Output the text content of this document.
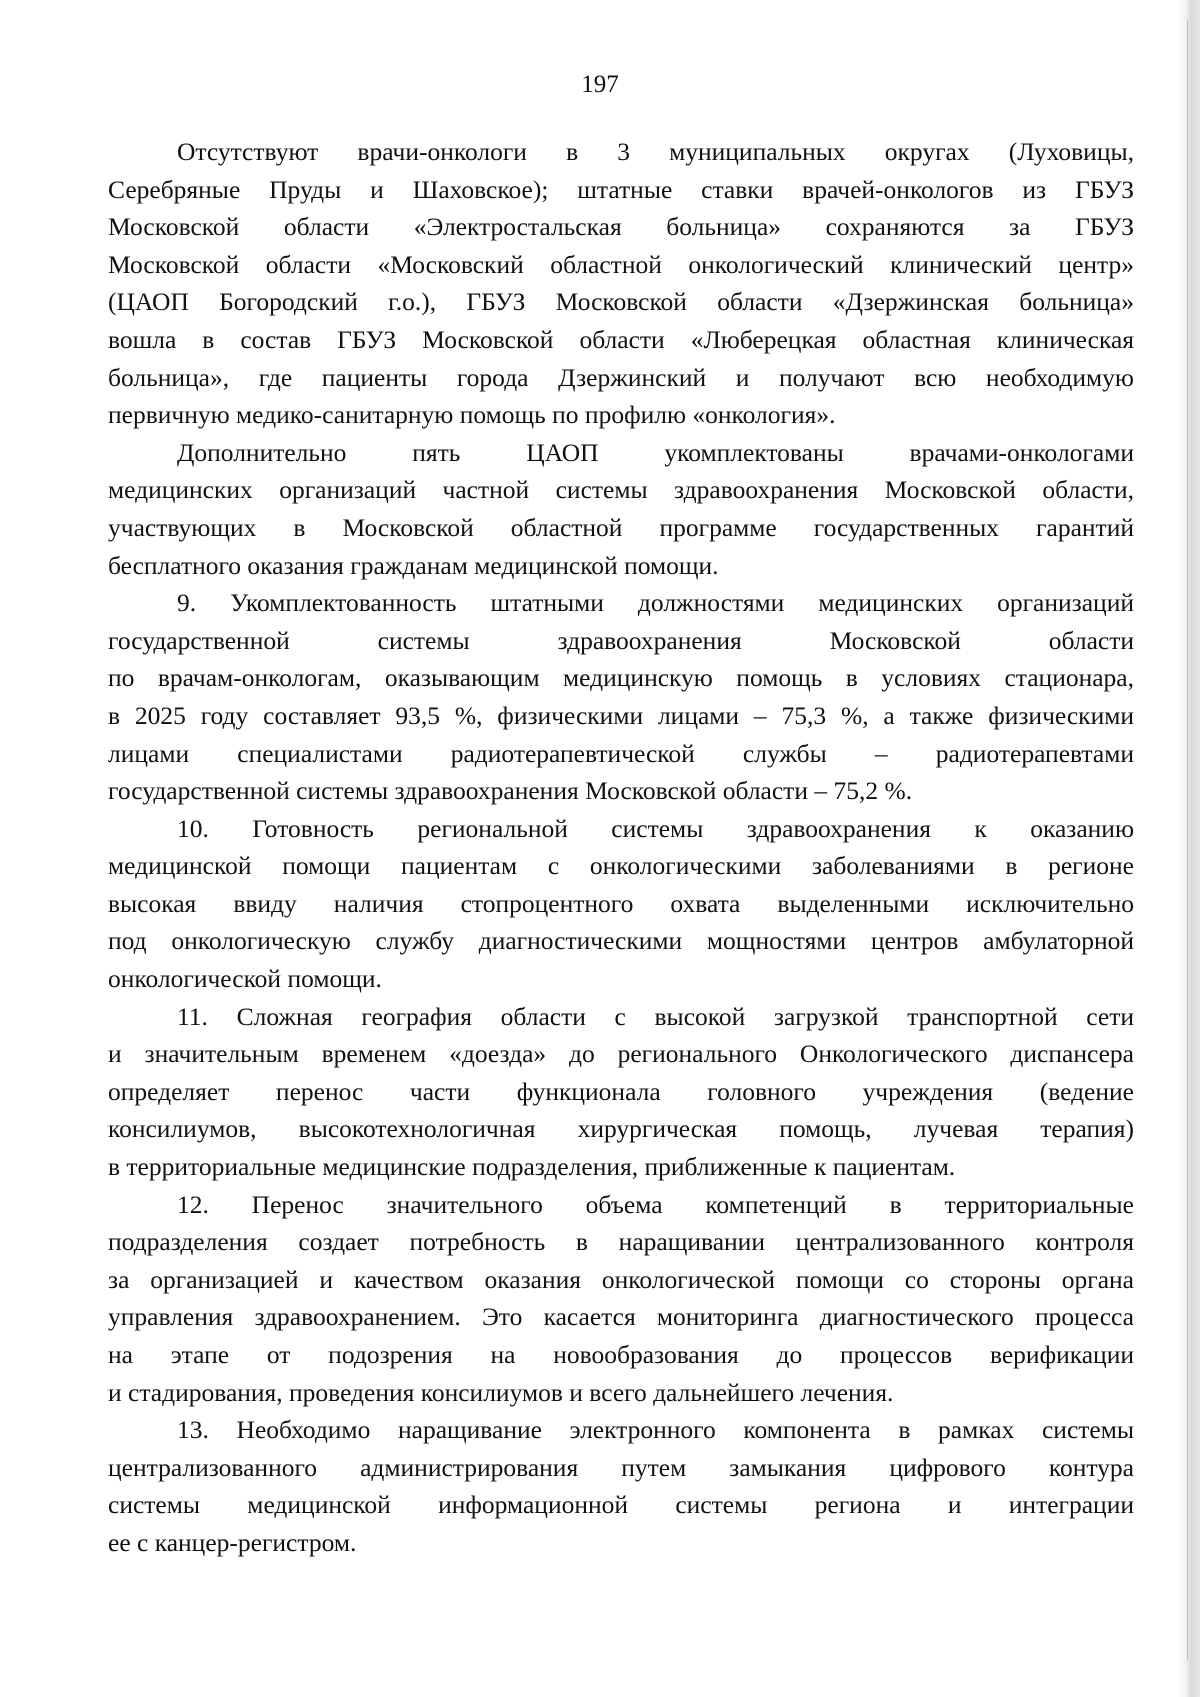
197
Отсутствуют врачи-онкологи в 3 муниципальных округах (Луховицы,
Серебряные Пруды и Шаховское); штатные ставки врачей-онкологов из ГБУЗ
Московской области «Электростальская больница» сохраняются за ГБУЗ
Московской области «Московский областной онкологический клинический центр»
(ЦАОП Богородский г.о.), ГБУЗ Московской области «Дзержинская больница»
вошла в состав ГБУЗ Московской области «Люберецкая областная клиническая
больница», где пациенты города Дзержинский и получают всю необходимую
первичную медико-санитарную помощь по профилю «онкология».
Дополнительно пять ЦАОП укомплектованы врачами-онкологами
медицинских организаций частной системы здравоохранения Московской области,
участвующих в Московской областной программе государственных гарантий
бесплатного оказания гражданам медицинской помощи.
9. Укомплектованность штатными должностями медицинских организаций
государственной системы здравоохранения Московской области
по врачам-онкологам, оказывающим медицинскую помощь в условиях стационара,
в 2025 году составляет 93,5 %, физическими лицами – 75,3 %, а также физическими
лицами специалистами радиотерапевтической службы – радиотерапевтами
государственной системы здравоохранения Московской области – 75,2 %.
10. Готовность региональной системы здравоохранения к оказанию
медицинской помощи пациентам с онкологическими заболеваниями в регионе
высокая ввиду наличия стопроцентного охвата выделенными исключительно
под онкологическую службу диагностическими мощностями центров амбулаторной
онкологической помощи.
11. Сложная география области с высокой загрузкой транспортной сети
и значительным временем «доезда» до регионального Онкологического диспансера
определяет перенос части функционала головного учреждения (ведение
консилиумов, высокотехнологичная хирургическая помощь, лучевая терапия)
в территориальные медицинские подразделения, приближенные к пациентам.
12. Перенос значительного объема компетенций в территориальные
подразделения создает потребность в наращивании централизованного контроля
за организацией и качеством оказания онкологической помощи со стороны органа
управления здравоохранением. Это касается мониторинга диагностического процесса
на этапе от подозрения на новообразования до процессов верификации
и стадирования, проведения консилиумов и всего дальнейшего лечения.
13. Необходимо наращивание электронного компонента в рамках системы
централизованного администрирования путем замыкания цифрового контура
системы медицинской информационной системы региона и интеграции
ее с канцер-регистром.
